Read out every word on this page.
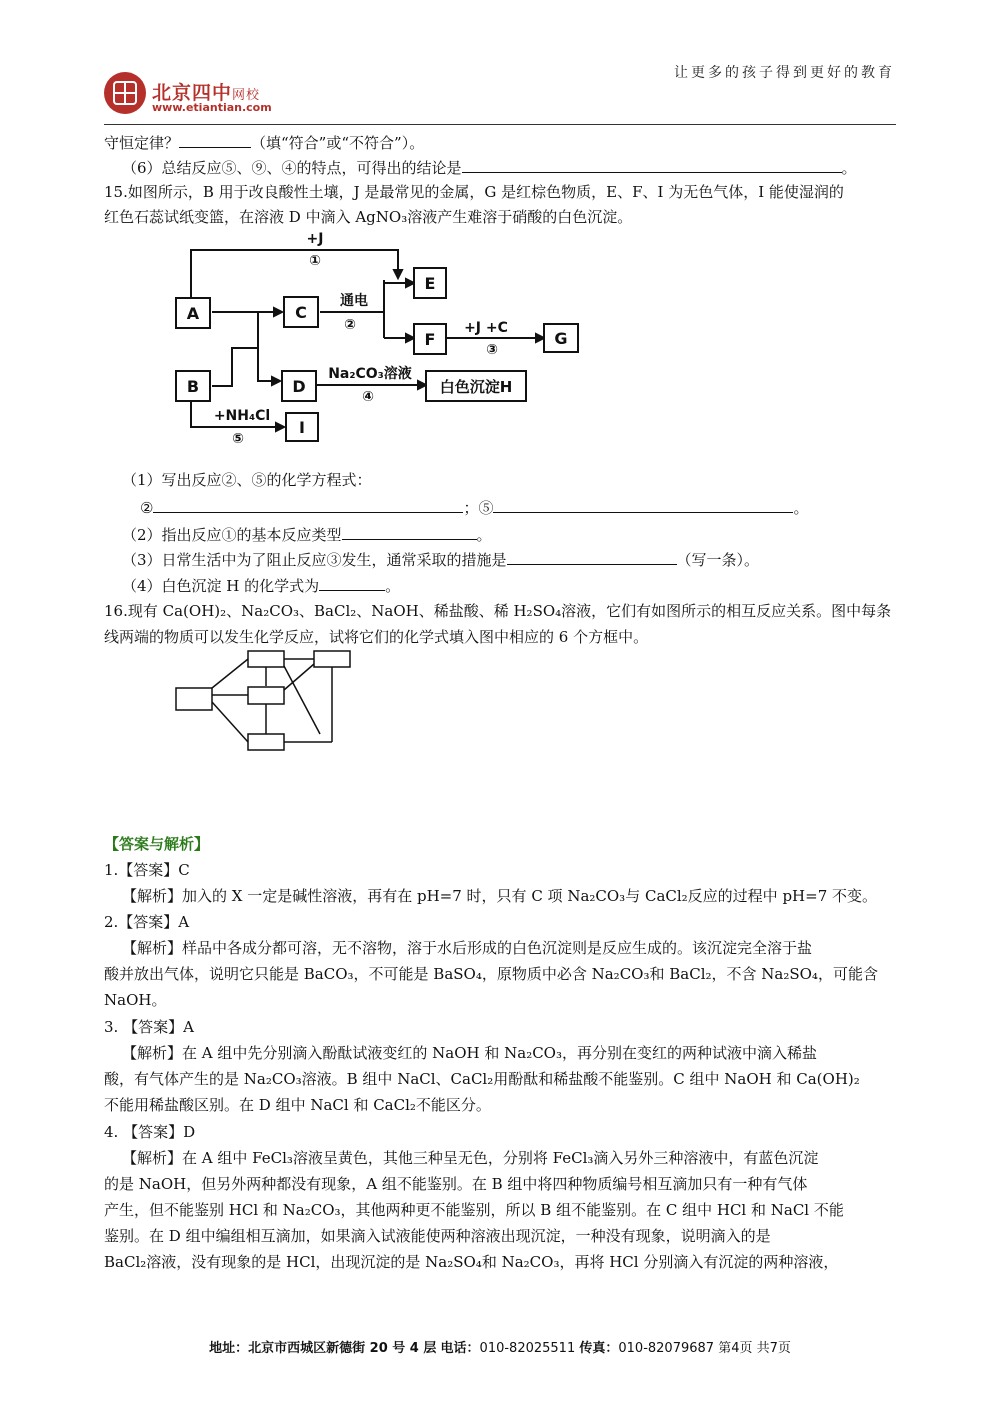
北京四中网校
www.etiantian.com
让更多的孩子得到更好的教育
守恒定律？	（填“符合”或“不符合”）。
（6）总结反应⑤、⑨、④的特点，可得出的结论是	。
15.如图所示，B 用于改良酸性土壤，J 是最常见的金属，G 是红棕色物质，E、F、I 为无色气体，I 能使湿润的
红色石蕊试纸变篮，在溶液 D 中滴入 AgNO₃溶液产生难溶于硝酸的白色沉淀。
A	C
E
F	G
B	D	白色沉淀H
I
+J
①
通电
②	+J +C
③
Na₂CO₃溶液
④
+NH₄Cl
⑤
（1）写出反应②、⑤的化学方程式：
②	；⑤	。
（2）指出反应①的基本反应类型	。
（3）日常生活中为了阻止反应③发生，通常采取的措施是	（写一条）。
（4）白色沉淀 H 的化学式为	。
16.现有 Ca(OH)₂、Na₂CO₃、BaCl₂、NaOH、稀盐酸、稀 H₂SO₄溶液，它们有如图所示的相互反应关系。图中每条
线两端的物质可以发生化学反应，试将它们的化学式填入图中相应的 6 个方框中。
【答案与解析】
1.【答案】C
【解析】加入的 X 一定是碱性溶液，再有在 pH=7 时，只有 C 项 Na₂CO₃与 CaCl₂反应的过程中 pH=7 不变。
2.【答案】A
【解析】样品中各成分都可溶，无不溶物，溶于水后形成的白色沉淀则是反应生成的。该沉淀完全溶于盐
酸并放出气体，说明它只能是 BaCO₃，不可能是 BaSO₄，原物质中必含 Na₂CO₃和 BaCl₂，不含 Na₂SO₄，可能含
NaOH。
3. 【答案】A
【解析】在 A 组中先分别滴入酚酞试液变红的 NaOH 和 Na₂CO₃，再分别在变红的两种试液中滴入稀盐
酸，有气体产生的是 Na₂CO₃溶液。B 组中 NaCl、CaCl₂用酚酞和稀盐酸不能鉴别。C 组中 NaOH 和 Ca(OH)₂
不能用稀盐酸区别。在 D 组中 NaCl 和 CaCl₂不能区分。
4. 【答案】D
【解析】在 A 组中 FeCl₃溶液呈黄色，其他三种呈无色，分别将 FeCl₃滴入另外三种溶液中，有蓝色沉淀
的是 NaOH，但另外两种都没有现象，A 组不能鉴别。在 B 组中将四种物质编号相互滴加只有一种有气体
产生，但不能鉴别 HCl 和 Na₂CO₃，其他两种更不能鉴别，所以 B 组不能鉴别。在 C 组中 HCl 和 NaCl 不能
鉴别。在 D 组中编组相互滴加，如果滴入试液能使两种溶液出现沉淀，一种没有现象，说明滴入的是
BaCl₂溶液，没有现象的是 HCl，出现沉淀的是 Na₂SO₄和 Na₂CO₃，再将 HCl 分别滴入有沉淀的两种溶液，
地址：北京市西城区新德街 20 号 4 层 电话：010-82025511 传真：010-82079687 第4页 共7页
